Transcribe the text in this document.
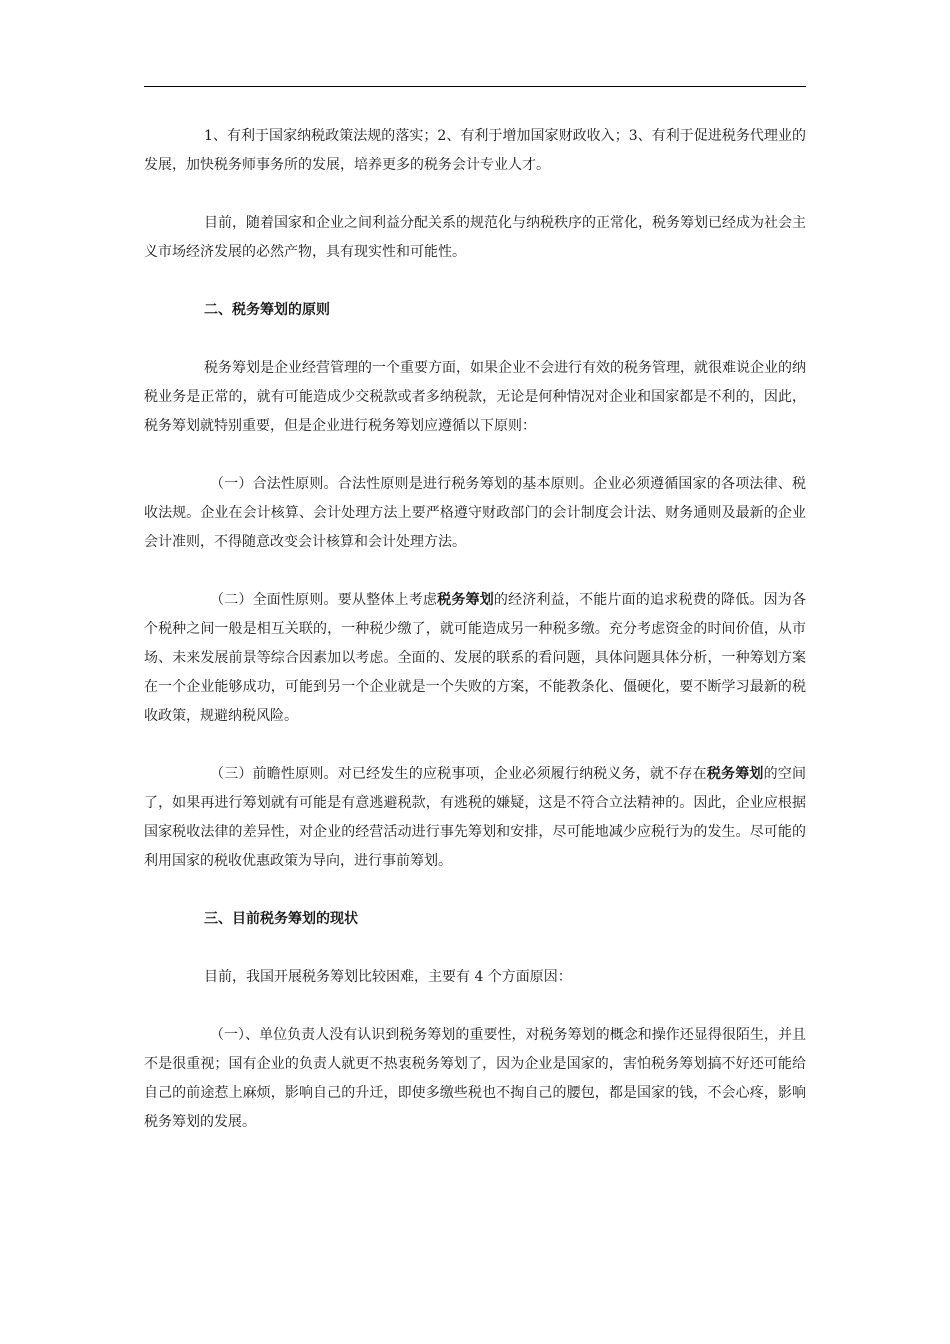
1、有利于国家纳税政策法规的落实；2、有利于增加国家财政收入；3、有利于促进税务代理业的发展，加快税务师事务所的发展，培养更多的税务会计专业人才。

目前，随着国家和企业之间利益分配关系的规范化与纳税秩序的正常化，税务筹划已经成为社会主义市场经济发展的必然产物，具有现实性和可能性。

二、税务筹划的原则

税务筹划是企业经营管理的一个重要方面，如果企业不会进行有效的税务管理，就很难说企业的纳税业务是正常的，就有可能造成少交税款或者多纳税款，无论是何种情况对企业和国家都是不利的，因此，税务筹划就特别重要，但是企业进行税务筹划应遵循以下原则：

（一）合法性原则。合法性原则是进行税务筹划的基本原则。企业必须遵循国家的各项法律、税收法规。企业在会计核算、会计处理方法上要严格遵守财政部门的会计制度会计法、财务通则及最新的企业会计准则，不得随意改变会计核算和会计处理方法。

（二）全面性原则。要从整体上考虑税务筹划的经济利益，不能片面的追求税费的降低。因为各个税种之间一般是相互关联的，一种税少缴了，就可能造成另一种税多缴。充分考虑资金的时间价值，从市场、未来发展前景等综合因素加以考虑。全面的、发展的联系的看问题，具体问题具体分析，一种筹划方案在一个企业能够成功，可能到另一个企业就是一个失败的方案，不能教条化、僵硬化，要不断学习最新的税收政策，规避纳税风险。

（三）前瞻性原则。对已经发生的应税事项，企业必须履行纳税义务，就不存在税务筹划的空间了，如果再进行筹划就有可能是有意逃避税款，有逃税的嫌疑，这是不符合立法精神的。因此，企业应根据国家税收法律的差异性，对企业的经营活动进行事先筹划和安排，尽可能地减少应税行为的发生。尽可能的利用国家的税收优惠政策为导向，进行事前筹划。

三、目前税务筹划的现状

目前，我国开展税务筹划比较困难，主要有 4 个方面原因：

（一）、单位负责人没有认识到税务筹划的重要性，对税务筹划的概念和操作还显得很陌生，并且不是很重视；国有企业的负责人就更不热衷税务筹划了，因为企业是国家的，害怕税务筹划搞不好还可能给自己的前途惹上麻烦，影响自己的升迁，即使多缴些税也不掏自己的腰包，都是国家的钱，不会心疼，影响税务筹划的发展。
